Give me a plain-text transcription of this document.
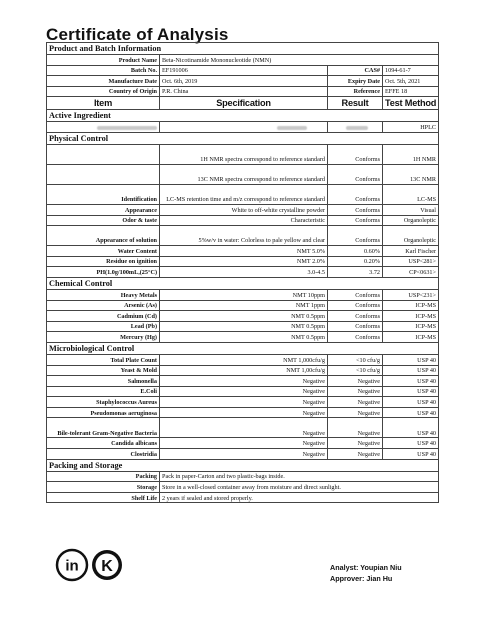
Certificate of Analysis
Product and Batch Information			
Product Name	Beta-Nicotinamide Mononucleotide (NMN)		
Batch No.	EF191006	CAS#	1094-61-7
Manufacture Date	Oct. 6th, 2019	Expiry Date	Oct. 5th, 2021
Country of Origin	P.R. China	Reference	EFFE 18
Item	Specification	Result	Test Method
Active Ingredient			
			HPLC
Physical Control			
	1H NMR spectra correspond to reference standard	Conforms	1H NMR
	13C NMR spectra correspond to reference standard	Conforms	13C NMR
Identification	LC-MS retention time and m/z correspond to reference standard	Conforms	LC-MS
Appearance	White to off-white crystalline powder	Conforms	Visual
Odor & taste	Characteristic	Conforms	Organoleptic
Appearance of solution	5%w/v in water: Colorless to pale yellow and clear	Conforms	Organoleptic
Water Content	NMT 5.0%	0.60%	Karl Fischer
Residue on ignition	NMT 2.0%	0.20%	USP<281>
PH(1.0g/100mL,(25°C)	3.0-4.5	3.72	CP<0631>
Chemical Control			
Heavy Metals	NMT 10ppm	Conforms	USP<231>
Arsenic (As)	NMT 1ppm	Conforms	ICP-MS
Cadmium (Cd)	NMT 0.5ppm	Conforms	ICP-MS
Lead (Pb)	NMT 0.5ppm	Conforms	ICP-MS
Mercury (Hg)	NMT 0.5ppm	Conforms	ICP-MS
Microbiological Control			
Total Plate Count	NMT 1,000cfu/g	<10 cfu/g	USP 40
Yeast & Mold	NMT 1,00cfu/g	<10 cfu/g	USP 40
Salmonella	Negative	Negative	USP 40
E.Coli	Negative	Negative	USP 40
Staphylococcus Aureus	Negative	Negative	USP 40
Pseudomonas aeruginosa	Negative	Negative	USP 40
Bile-tolerant Gram-Negative Bacteria	Negative	Negative	USP 40
Candida albicans	Negative	Negative	USP 40
Clostridia	Negative	Negative	USP 40
Packing and Storage			
Packing	Pack in paper-Carton and two plastic-bags inside.		
Storage	Store in a well-closed container away from moisture and direct sunlight.		
Shelf Life	2 years if sealed and stored properly.		
in K	Analyst: Youpian Niu
Approver: Jian Hu
